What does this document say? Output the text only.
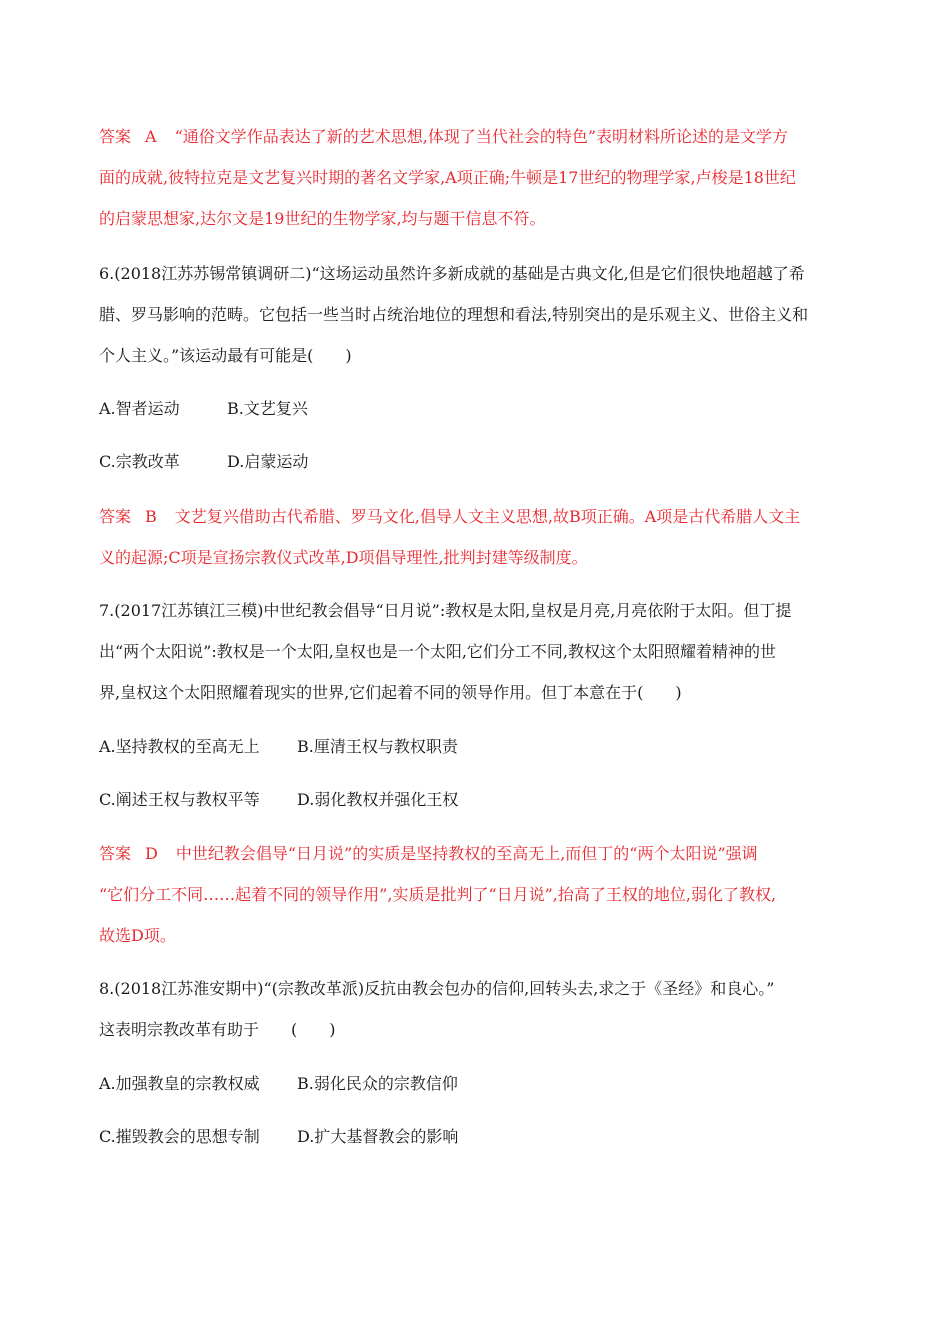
答案 A “通俗文学作品表达了新的艺术思想,体现了当代社会的特色”表明材料所论述的是文学方
面的成就,彼特拉克是文艺复兴时期的著名文学家,A项正确;牛顿是17世纪的物理学家,卢梭是18世纪
的启蒙思想家,达尔文是19世纪的生物学家,均与题干信息不符。
6.(2018江苏苏锡常镇调研二)“这场运动虽然许多新成就的基础是古典文化,但是它们很快地超越了希
腊、罗马影响的范畴。它包括一些当时占统治地位的理想和看法,特别突出的是乐观主义、世俗主义和
个人主义。”该运动最有可能是(　　)
A.智者运动	B.文艺复兴
C.宗教改革	D.启蒙运动
答案 B 文艺复兴借助古代希腊、罗马文化,倡导人文主义思想,故B项正确。A项是古代希腊人文主
义的起源;C项是宣扬宗教仪式改革,D项倡导理性,批判封建等级制度。
7.(2017江苏镇江三模)中世纪教会倡导“日月说”:教权是太阳,皇权是月亮,月亮依附于太阳。但丁提
出“两个太阳说”:教权是一个太阳,皇权也是一个太阳,它们分工不同,教权这个太阳照耀着精神的世
界,皇权这个太阳照耀着现实的世界,它们起着不同的领导作用。但丁本意在于(　　)
A.坚持教权的至高无上 B.厘清王权与教权职责
C.阐述王权与教权平等 D.弱化教权并强化王权
答案 D 中世纪教会倡导“日月说”的实质是坚持教权的至高无上,而但丁的“两个太阳说”强调
“它们分工不同……起着不同的领导作用”,实质是批判了“日月说”,抬高了王权的地位,弱化了教权,
故选D项。
8.(2018江苏淮安期中)“(宗教改革派)反抗由教会包办的信仰,回转头去,求之于《圣经》和良心。”
这表明宗教改革有助于　　(　　)
A.加强教皇的宗教权威 B.弱化民众的宗教信仰
C.摧毁教会的思想专制 D.扩大基督教会的影响
